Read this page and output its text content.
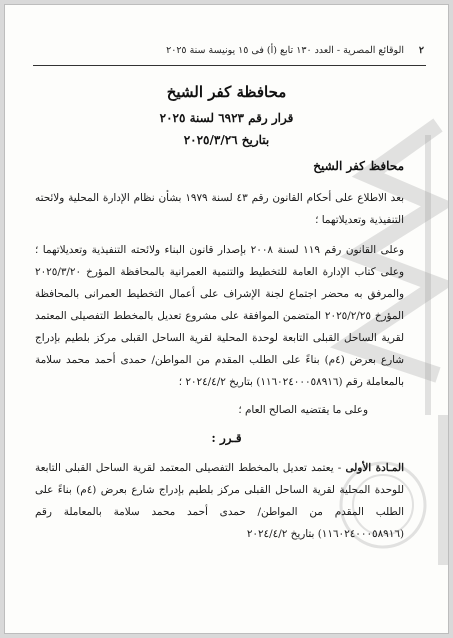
٢
الوقائع المصرية - العدد ١٣٠ تابع (أ) فى ١٥ يونيسة سنة ٢٠٢٥
محافظة كفر الشيخ
قرار رقم ٦٩٢٣ لسنة ٢٠٢٥
بتاريخ ٢٠٢٥/٣/٢٦
محافظ كفر الشيخ
بعد الاطلاع على أحكام القانون رقم ٤٣ لسنة ١٩٧٩ بشأن نظام الإدارة المحلية ولائحته التنفيذية وتعديلاتهما ؛
وعلى القانون رقم ١١٩ لسنة ٢٠٠٨ بإصدار قانون البناء ولائحته التنفيذية وتعديلاتهما ؛ وعلى كتاب الإدارة العامة للتخطيط والتنمية العمرانية بالمحافظة المؤرخ ٢٠٢٥/٣/٢٠ والمرفق به محضر اجتماع لجنة الإشراف على أعمال التخطيط العمرانى بالمحافظة المؤرخ ٢٠٢٥/٢/٢٥ المتضمن الموافقة على مشروع تعديل بالمخطط التفصيلى المعتمد لقرية الساحل القبلى التابعة لوحدة المحلية لقرية الساحل القبلى مركز بلطيم بإدراج شارع بعرض (٤م) بناءً على الطلب المقدم من المواطن/ حمدى أحمد محمد سلامة بالمعاملة رقم (١١٦٠٢٤٠٠٠٥٨٩١٦) بتاريخ ٢٠٢٤/٤/٢ ؛
وعلى ما يقتضيه الصالح العام ؛
قـرر :
المـادة الأولى - يعتمد تعديل بالمخطط التفصيلى المعتمد لقرية الساحل القبلى التابعة للوحدة المحلية لقرية الساحل القبلى مركز بلطيم بإدراج شارع بعرض (٤م) بناءً على الطلب المقدم من المواطن/ حمدى أحمد محمد سلامة بالمعاملة رقم (١١٦٠٢٤٠٠٠٥٨٩١٦) بتاريخ ٢٠٢٤/٤/٢
